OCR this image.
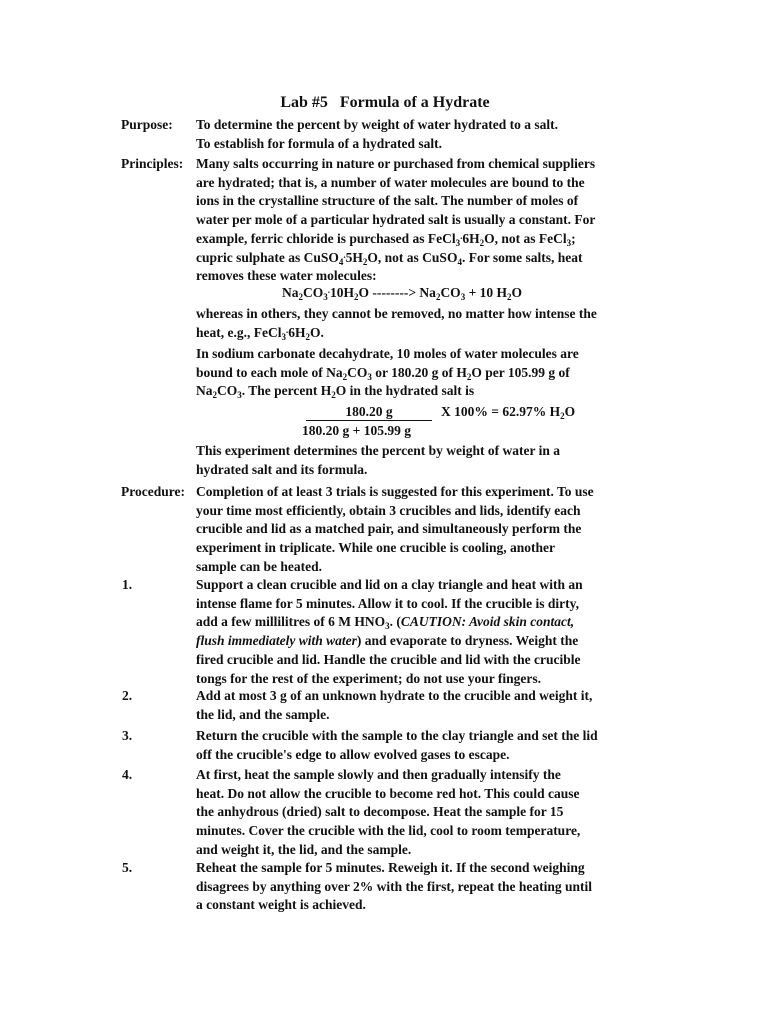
Lab #5   Formula of a Hydrate
Purpose: To determine the percent by weight of water hydrated to a salt.
To establish for formula of a hydrated salt.
Principles: Many salts occurring in nature or purchased from chemical suppliers
are hydrated; that is, a number of water molecules are bound to the
ions in the crystalline structure of the salt. The number of moles of
water per mole of a particular hydrated salt is usually a constant. For
example, ferric chloride is purchased as $FeCl_3^.6H_2O$, not as FeCl$_3$;
cupric sulphate as $CuSO_4^.5H_2O$, not as CuSO$_4$. For some salts, heat
removes these water molecules:
$Na_2CO_3^.10H_2O$ --------> $Na_2CO_3 + 10$ $H_2O$
whereas in others, they cannot be removed, no matter how intense the
heat, e.g., $FeCl_3^.6H_2O$.
In sodium carbonate decahydrate, 10 moles of water molecules are
bound to each mole of $Na_2CO_3$ or 180.20 g of $H_2O$ per 105.99 g of
$Na_2CO_3$. The percent $H_2O$ in the hydrated salt is
180.20 g
180.20 g + 105.99 g
X 100% = 62.97% $H_2O$
This experiment determines the percent by weight of water in a
hydrated salt and its formula.
Procedure: Completion of at least 3 trials is suggested for this experiment. To use
your time most efficiently, obtain 3 crucibles and lids, identify each
crucible and lid as a matched pair, and simultaneously perform the
experiment in triplicate. While one crucible is cooling, another
sample can be heated.
1.	Support a clean crucible and lid on a clay triangle and heat with an
intense flame for 5 minutes. Allow it to cool. If the crucible is dirty,
add a few millilitres of 6 M $HNO_3$. (CAUTION: Avoid skin contact,
flush immediately with water) and evaporate to dryness. Weight the
fired crucible and lid. Handle the crucible and lid with the crucible
tongs for the rest of the experiment; do not use your fingers.
2.	Add at most 3 g of an unknown hydrate to the crucible and weight it,
the lid, and the sample.
3.	Return the crucible with the sample to the clay triangle and set the lid
off the crucible's edge to allow evolved gases to escape.
4.	At first, heat the sample slowly and then gradually intensify the
heat. Do not allow the crucible to become red hot. This could cause
the anhydrous (dried) salt to decompose. Heat the sample for 15
minutes. Cover the crucible with the lid, cool to room temperature,
and weight it, the lid, and the sample.
5.	Reheat the sample for 5 minutes. Reweigh it. If the second weighing
disagrees by anything over 2% with the first, repeat the heating until
a constant weight is achieved.
